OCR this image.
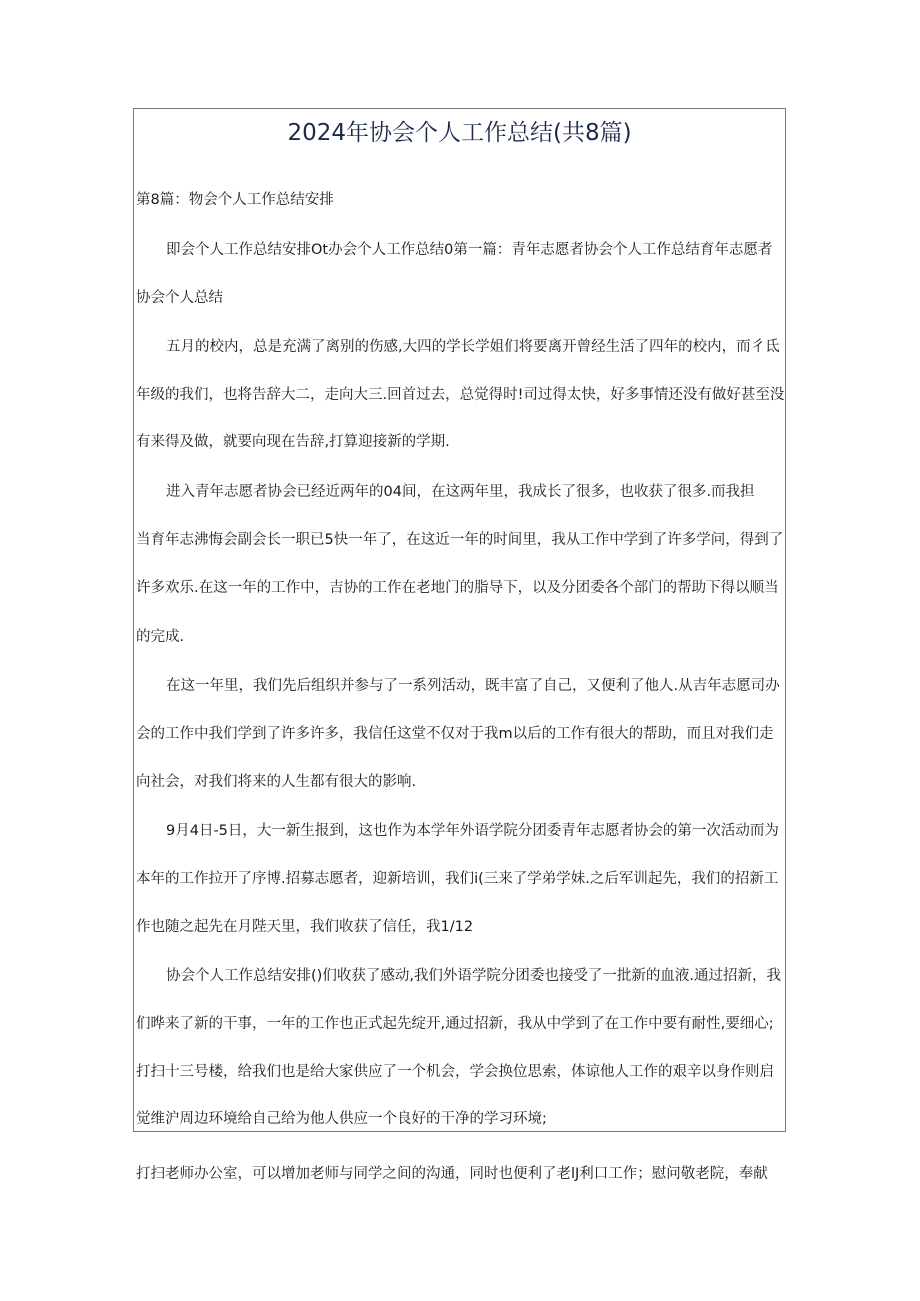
2024年协会个人工作总结(共8篇)
第8篇：物会个人工作总结安排
即会个人工作总结安排Ot办会个人工作总结0第一篇：青年志愿者协会个人工作总结育年志愿者
协会个人总结
五月的校内，总是充满了离别的伤感,大四的学长学姐们将要离开曾经生活了四年的校内，而彳氐
年级的我们，也将告辞大二，走向大三.回首过去，总觉得时!司过得太快，好多事情还没有做好甚至没
有来得及做，就要向现在告辞,打算迎接新的学期.
进入青年志愿者协会已经近两年的04间，在这两年里，我成长了很多，也收获了很多.而我担
当育年志沸悔会副会长一职已5快一年了，在这近一年的时间里，我从工作中学到了许多学问，得到了
许多欢乐.在这一年的工作中，吉协的工作在老地门的脂导下，以及分团委各个部门的帮助下得以顺当
的完成.
在这一年里，我们先后组织并参与了一系列活动，既丰富了自己，又便利了他人.从吉年志愿司办
会的工作中我们学到了许多许多，我信任这堂不仅对于我m以后的工作有很大的帮助，而且对我们走
向社会，对我们将来的人生都有很大的影响.
9月4日-5日，大一新生报到，这也作为本学年外语学院分团委青年志愿者协会的第一次活动而为
本年的工作拉开了序博.招募志愿者，迎新培训，我们i(三来了学弟学妹.之后军训起先，我们的招新工
作也随之起先在月陛天里，我们收获了信任，我1/12
协会个人工作总结安排()们收获了感动,我们外语学院分团委也接受了一批新的血液.通过招新，我
们晔来了新的干事，一年的工作也正式起先绽开,通过招新，我从中学到了在工作中要有耐性,要细心;
打扫十三号楼，给我们也是给大家供应了一个机会，学会换位思索，体谅他人工作的艰辛以身作则启
觉维沪周边环境给自己给为他人供应一个良好的干净的学习环境;
打扫老师办公室，可以增加老师与同学之间的沟通，同时也便利了老lJ利口工作；慰问敬老院，奉献
